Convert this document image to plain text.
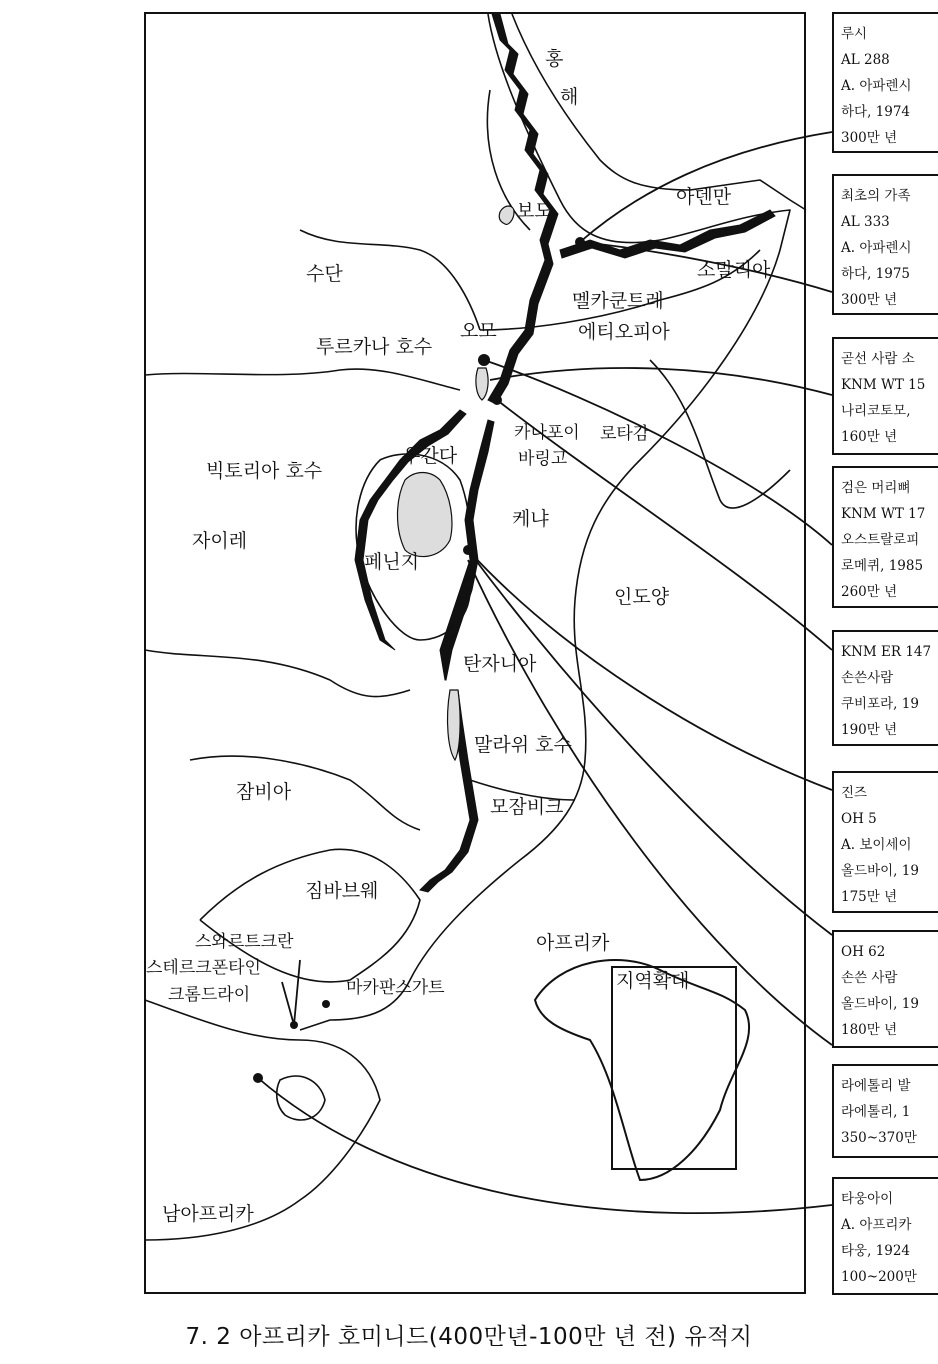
홍
해
아덴만
보도
수단	소말리아
멜카쿤트레
투르카나 호수
오모	에티오피아
카나포이 로타감
바링고
우간다
빅토리아 호수
케냐
자이레
페닌지
인도양
탄자니아
말라위 호수
잠비아
모잠비크
짐바브웨
스와르트크란
스테르크폰타인
크롬드라이	마카판스가트
아프리카
지역확대
남아프리카
루시
AL 288
A. 아파렌시
하다, 1974
300만 년
최초의 가족
AL 333
A. 아파렌시
하다, 1975
300만 년
곧선 사람 소
KNM WT 15
나리코토모,
160만 년
검은 머리뼈
KNM WT 17
오스트랄로피
로메퀴, 1985
260만 년
KNM ER 147
손쓴사람
쿠비포라, 19
190만 년
진즈
OH 5
A. 보이세이
올드바이, 19
175만 년
OH 62
손쓴 사람
올드바이, 19
180만 년
라에톨리 발
라에톨리, 1
350~370만
타웅아이
A. 아프리카
타웅, 1924
100~200만
7. 2 아프리카 호미니드(400만년-100만 년 전) 유적지
